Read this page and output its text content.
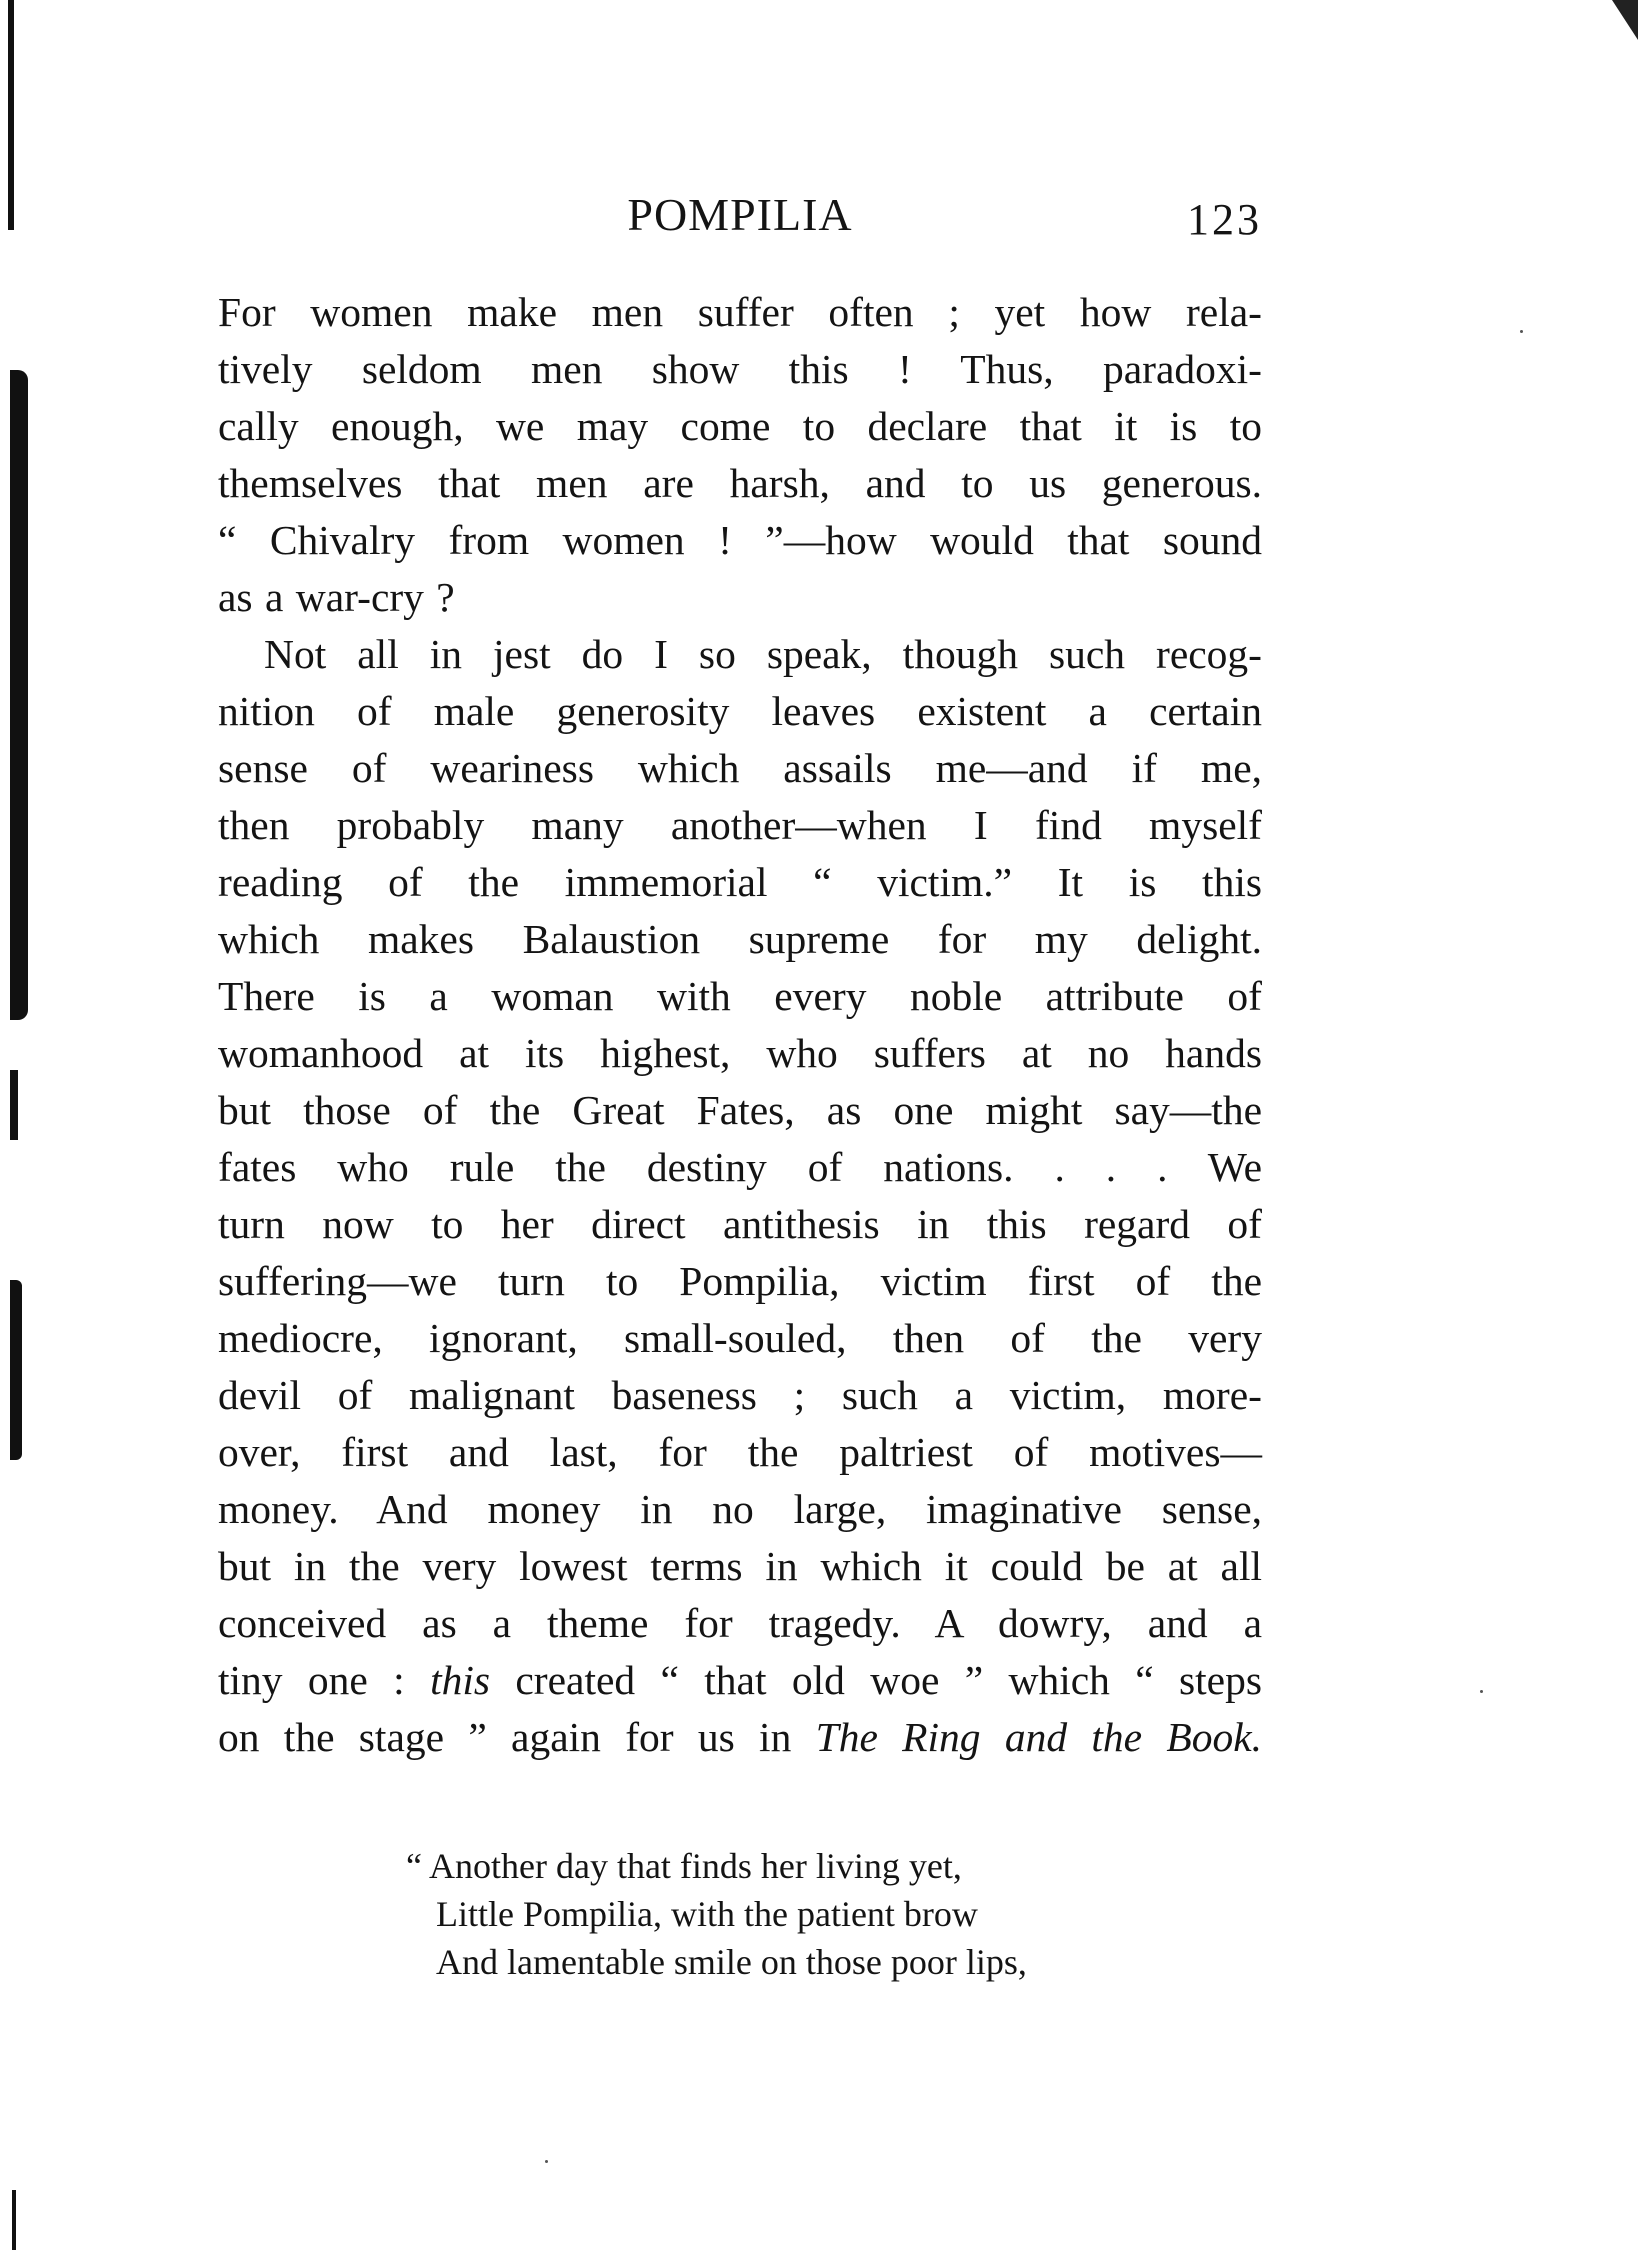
POMPILIA	123
For women make men suffer often ; yet how rela-
tively seldom men show this ! Thus, paradoxi-
cally enough, we may come to declare that it is to
themselves that men are harsh, and to us generous.
“ Chivalry from women ! ”—how would that sound
as a war-cry ?
Not all in jest do I so speak, though such recog-
nition of male generosity leaves existent a certain
sense of weariness which assails me—and if me,
then probably many another—when I find myself
reading of the immemorial “ victim.” It is this
which makes Balaustion supreme for my delight.
There is a woman with every noble attribute of
womanhood at its highest, who suffers at no hands
but those of the Great Fates, as one might say—the
fates who rule the destiny of nations. . . . We
turn now to her direct antithesis in this regard of
suffering—we turn to Pompilia, victim first of the
mediocre, ignorant, small-souled, then of the very
devil of malignant baseness ; such a victim, more-
over, first and last, for the paltriest of motives—
money. And money in no large, imaginative sense,
but in the very lowest terms in which it could be at all
conceived as a theme for tragedy. A dowry, and a
tiny one : this created “ that old woe ” which “ steps
on the stage ” again for us in The Ring and the Book.
“ Another day that finds her living yet,
Little Pompilia, with the patient brow
And lamentable smile on those poor lips,
